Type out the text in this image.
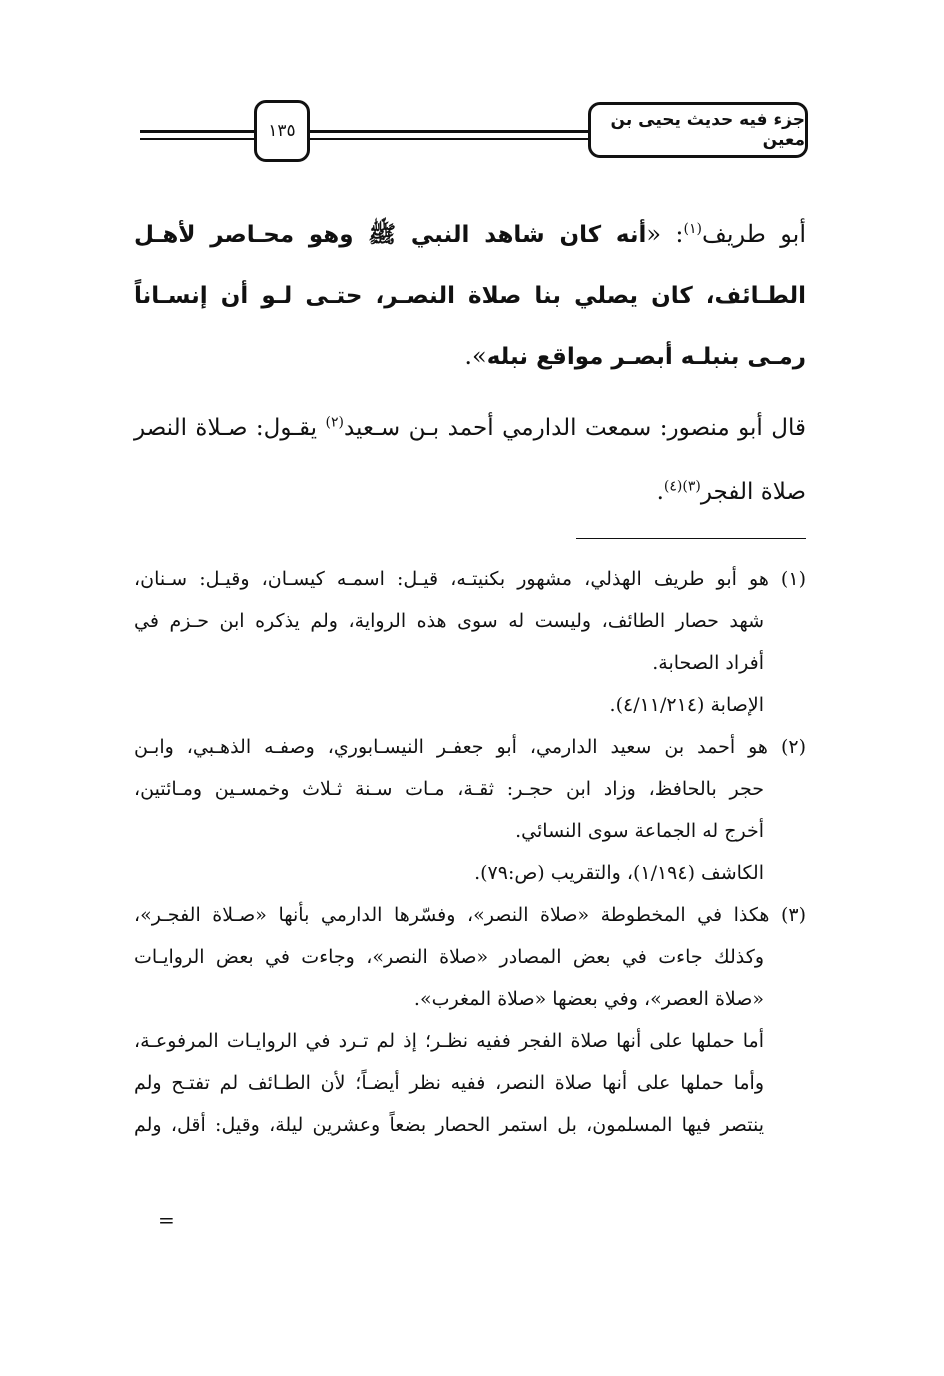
١٣٥
جزء فيه حديث يحيى بن معين

أبو طريف$^{(١)}$: «أنه كان شاهد النبي ﷺ وهو محـاصر لأهـل الطـائف، كان يصلي بنا صلاة النصـر، حتـى لـو أن إنسـاناً رمـى بنبلـه أبصـر مواقع نبله».

قال أبو منصور: سمعت الدارمي أحمد بـن سـعيد$^{(٢)}$ يقـول: صـلاة النصر صلاة الفجر$^{(٣)(٤)}$.

(١) هو أبو طريف الهذلي، مشهور بكنيتـه، قيـل: اسمـه كيسـان، وقيـل: سـنان،
شهد حصار الطائف، وليست له سوى هذه الرواية، ولم يذكره ابن حـزم في
أفراد الصحابة.
الإصابة (٤/١١/٢١٤).
(٢) هو أحمد بن سعيد الدارمي، أبو جعفـر النيسـابوري، وصفـه الذهـبي، وابـن
حجر بالحافظ، وزاد ابن حجـر: ثقـة، مـات سـنة ثـلاث وخمسـين ومـائتين،
أخرج له الجماعة سوى النسائي.
الكاشف (١/١٩٤)، والتقريب (ص:٧٩).
(٣) هكذا في المخطوطة «صلاة النصر»، وفسّرها الدارمي بأنها «صـلاة الفجـر»،
وكذلك جاءت في بعض المصادر «صلاة النصر»، وجاءت في بعض الروايـات
«صلاة العصر»، وفي بعضها «صلاة المغرب».
أما حملها على أنها صلاة الفجر ففيه نظـر؛ إذ لم تـرد في الروايـات المرفوعـة،
وأما حملها على أنها صلاة النصر، ففيه نظر أيضـاً؛ لأن الطـائف لم تفتـح ولم
ينتصر فيها المسلمون، بل استمر الحصار بضعاً وعشرين ليلة، وقيل: أقل، ولم
=
